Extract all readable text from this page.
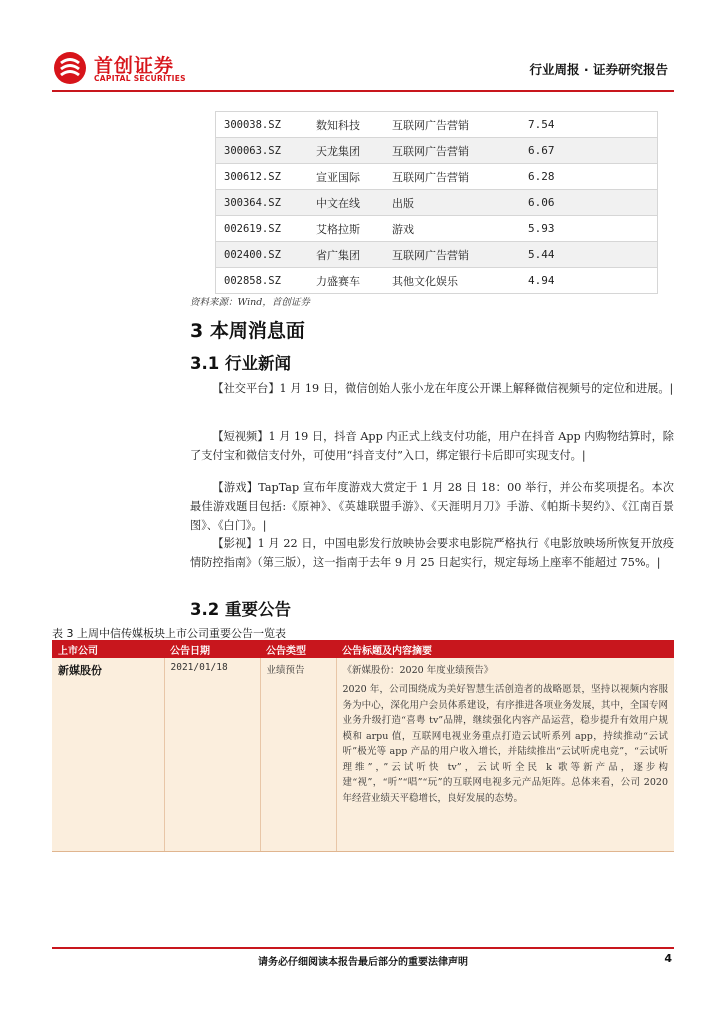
首创证券
CAPITAL SECURITIES
行业周报 · 证券研究报告
300038.SZ	数知科技	互联网广告营销	7.54
300063.SZ	天龙集团	互联网广告营销	6.67
300612.SZ	宣亚国际	互联网广告营销	6.28
300364.SZ	中文在线	出版	6.06
002619.SZ	艾格拉斯	游戏	5.93
002400.SZ	省广集团	互联网广告营销	5.44
002858.SZ	力盛赛车	其他文化娱乐	4.94
资料来源：Wind，首创证券
3 本周消息面
3.1 行业新闻
【社交平台】1 月 19 日，微信创始人张小龙在年度公开课上解释微信视频号的定位和进展。|
【短视频】1 月 19 日，抖音 App 内正式上线支付功能，用户在抖音 App 内购物结算时，除了支付宝和微信支付外，可使用“抖音支付”入口，绑定银行卡后即可实现支付。|
【游戏】TapTap 宣布年度游戏大赏定于 1 月 28 日 18：00 举行，并公布奖项提名。本次最佳游戏题目包括:《原神》、《英雄联盟手游》、《天涯明月刀》手游、《帕斯卡契约》、《江南百景图》、《白门》。|
【影视】1 月 22 日，中国电影发行放映协会要求电影院严格执行《电影放映场所恢复开放疫情防控指南》（第三版），这一指南于去年 9 月 25 日起实行，规定每场上座率不能超过 75%。|
3.2 重要公告
表 3 上周中信传媒板块上市公司重要公告一览表
上市公司	公告日期	公告类型	公告标题及内容摘要
新媒股份	2021/01/18	业绩预告	《新媒股份：2020 年度业绩预告》

2020 年，公司围绕成为美好智慧生活创造者的战略愿景，坚持以视频内容服务为中心，深化用户会员体系建设，有序推进各项业务发展，其中，全国专网业务升级打造“喜粤 tv”品牌，继续强化内容产品运营，稳步提升有效用户规模和 arpu 值，互联网电视业务重点打造云试听系列 app，持续推动“云试听”极光等 app 产品的用户收入增长，并陆续推出“云试听虎电竞”，“云试听理维”，”云试听快 tv”，云试听全民 k 歌等新产品，逐步构建“视”，“听”“唱”“玩”的互联网电视多元产品矩阵。总体来看，公司 2020 年经营业绩天平稳增长，良好发展的态势。

请务必仔细阅读本报告最后部分的重要法律声明	4
